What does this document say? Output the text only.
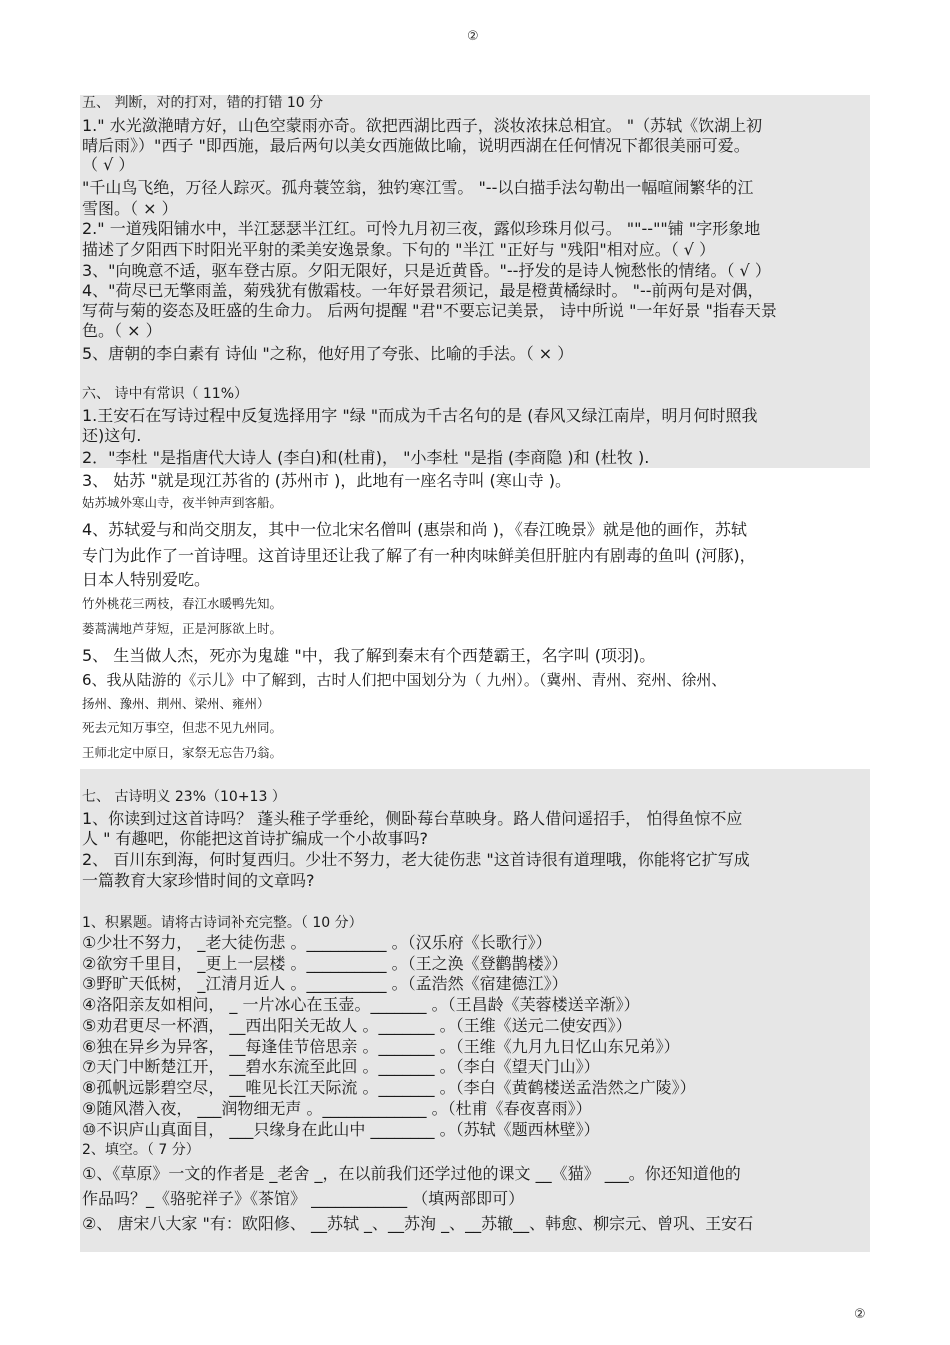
②
五、 判断，对的打对，错的打错 10 分
1." 水光潋滟晴方好，山色空蒙雨亦奇。欲把西湖比西子，淡妆浓抹总相宜。 "（苏轼《饮湖上初
晴后雨》）"西子 "即西施，最后两句以美女西施做比喻，说明西湖在任何情况下都很美丽可爱。
（ √ ）
"千山鸟飞绝，万径人踪灭。孤舟蓑笠翁，独钓寒江雪。 "--以白描手法勾勒出一幅喧闹繁华的江
雪图。（ × ）
2." 一道残阳铺水中，半江瑟瑟半江红。可怜九月初三夜，露似珍珠月似弓。 ""--""铺 "字形象地
描述了夕阳西下时阳光平射的柔美安逸景象。下句的 "半江 "正好与 "残阳"相对应。（ √ ）
3、"向晚意不适，驱车登古原。夕阳无限好，只是近黄昏。"--抒发的是诗人惋愁怅的情绪。（ √ ）
4、"荷尽已无擎雨盖，菊残犹有傲霜枝。一年好景君须记，最是橙黄橘绿时。 "--前两句是对偶，
写荷与菊的姿态及旺盛的生命力。 后两句提醒 "君"不要忘记美景， 诗中所说 "一年好景 "指春天景
色。（ × ）
5、唐朝的李白素有 诗仙 "之称，他好用了夸张、比喻的手法。（ × ）
六、 诗中有常识（ 11%）
1.王安石在写诗过程中反复选择用字 "绿 "而成为千古名句的是 (春风又绿江南岸，明月何时照我
还)这句.
2．"李杜 "是指唐代大诗人 (李白)和(杜甫)， "小李杜 "是指 (李商隐 )和 (杜牧 ).
3、 姑苏 "就是现江苏省的 (苏州市 )，此地有一座名寺叫 (寒山寺 )。
姑苏城外寒山寺，夜半钟声到客船。
4、苏轼爱与和尚交朋友，其中一位北宋名僧叫 (惠崇和尚 )，《春江晚景》就是他的画作，苏轼
专门为此作了一首诗哩。这首诗里还让我了解了有一种肉味鲜美但肝脏内有剧毒的鱼叫 (河豚)，
日本人特别爱吃。
竹外桃花三两枝，春江水暖鸭先知。
蒌蒿满地芦芽短，正是河豚欲上时。
5、 生当做人杰，死亦为鬼雄 "中，我了解到秦末有个西楚霸王，名字叫 (项羽)。
6、我从陆游的《示儿》中了解到，古时人们把中国划分为（ 九州）。（冀州、青州、兖州、徐州、
扬州、豫州、荆州、梁州、雍州）
死去元知万事空，但悲不见九州同。
王师北定中原日，家祭无忘告乃翁。
七、 古诗明义 23%（10+13 ）
1、你读到过这首诗吗？ 蓬头稚子学垂纶，侧卧莓台草映身。路人借问遥招手， 怕得鱼惊不应
人 " 有趣吧，你能把这首诗扩编成一个小故事吗?
2、 百川东到海，何时复西归。少壮不努力，老大徒伤悲 "这首诗很有道理哦，你能将它扩写成
一篇教育大家珍惜时间的文章吗?
1、积累题。请将古诗词补充完整。（ 10 分）
①少壮不努力， _老大徒伤悲 。__________ 。（汉乐府《长歌行》）
②欲穷千里目， _更上一层楼 。__________ 。（王之涣《登鹳鹊楼》）
③野旷天低树， _江清月近人 。__________ 。（孟浩然《宿建德江》）
④洛阳亲友如相问， _ 一片冰心在玉壶。_______ 。（王昌龄《芙蓉楼送辛渐》）
⑤劝君更尽一杯酒， __西出阳关无故人 。_______ 。（王维《送元二使安西》）
⑥独在异乡为异客， __每逢佳节倍思亲 。_______ 。（王维《九月九日忆山东兄弟》）
⑦天门中断楚江开， __碧水东流至此回 。_______ 。（李白《望天门山》）
⑧孤帆远影碧空尽， __唯见长江天际流 。_______ 。（李白《黄鹤楼送孟浩然之广陵》）
⑨随风潜入夜， ___润物细无声 。_____________ 。（杜甫《春夜喜雨》）
⑩不识庐山真面目， ___只缘身在此山中 ________ 。（苏轼《题西林壁》）
2、填空。（ 7 分）
①、《草原》一文的作者是 _老舍 _，在以前我们还学过他的课文 __《猫》 ___。你还知道他的
作品吗？_《骆驼祥子》《茶馆》 ____________ （填两部即可）
②、 唐宋八大家 "有：欧阳修、 __苏轼 _、__苏洵 _、__苏辙__、韩愈、柳宗元、曾巩、王安石
②
